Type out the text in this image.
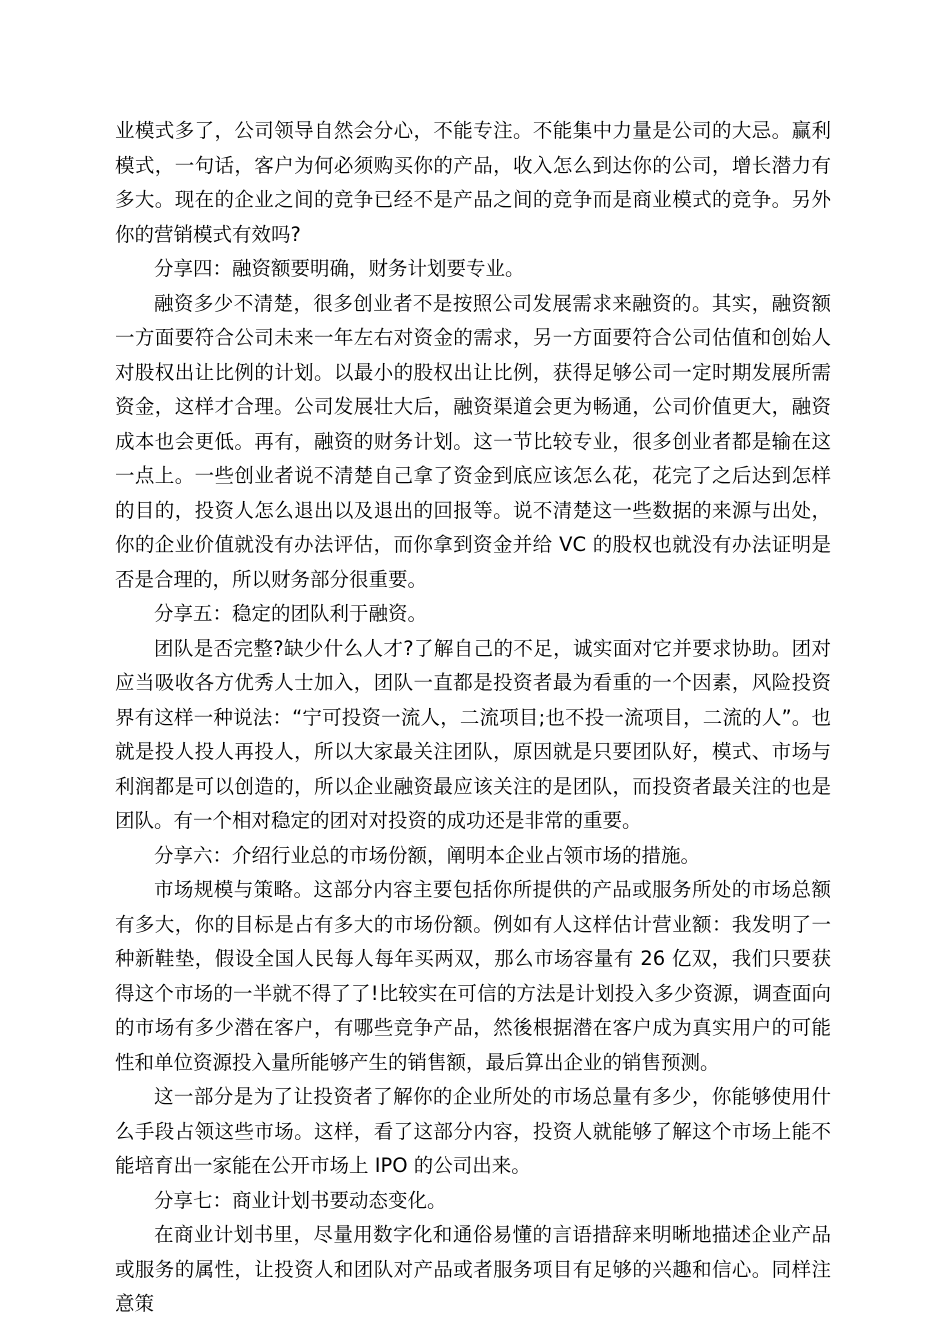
业模式多了，公司领导自然会分心，不能专注。不能集中力量是公司的大忌。赢利模式，一句话，客户为何必须购买你的产品，收入怎么到达你的公司，增长潜力有多大。现在的企业之间的竞争已经不是产品之间的竞争而是商业模式的竞争。另外你的营销模式有效吗?

分享四：融资额要明确，财务计划要专业。

融资多少不清楚，很多创业者不是按照公司发展需求来融资的。其实，融资额一方面要符合公司未来一年左右对资金的需求，另一方面要符合公司估值和创始人对股权出让比例的计划。以最小的股权出让比例，获得足够公司一定时期发展所需资金，这样才合理。公司发展壮大后，融资渠道会更为畅通，公司价值更大，融资成本也会更低。再有，融资的财务计划。这一节比较专业，很多创业者都是输在这一点上。一些创业者说不清楚自己拿了资金到底应该怎么花，花完了之后达到怎样的目的，投资人怎么退出以及退出的回报等。说不清楚这一些数据的来源与出处，你的企业价值就没有办法评估，而你拿到资金并给 VC 的股权也就没有办法证明是否是合理的，所以财务部分很重要。

分享五：稳定的团队利于融资。

团队是否完整?缺少什么人才?了解自己的不足，诚实面对它并要求协助。团对应当吸收各方优秀人士加入，团队一直都是投资者最为看重的一个因素，风险投资界有这样一种说法：“宁可投资一流人，二流项目;也不投一流项目，二流的人”。也就是投人投人再投人，所以大家最关注团队，原因就是只要团队好，模式、市场与利润都是可以创造的，所以企业融资最应该关注的是团队，而投资者最关注的也是团队。有一个相对稳定的团对对投资的成功还是非常的重要。

分享六：介绍行业总的市场份额，阐明本企业占领市场的措施。

市场规模与策略。这部分内容主要包括你所提供的产品或服务所处的市场总额有多大，你的目标是占有多大的市场份额。例如有人这样估计营业额：我发明了一种新鞋垫，假设全国人民每人每年买两双，那么市场容量有 26 亿双，我们只要获得这个市场的一半就不得了了!比较实在可信的方法是计划投入多少资源，调查面向的市场有多少潜在客户，有哪些竞争产品，然後根据潜在客户成为真实用户的可能性和单位资源投入量所能够产生的销售额，最后算出企业的销售预测。

这一部分是为了让投资者了解你的企业所处的市场总量有多少，你能够使用什么手段占领这些市场。这样，看了这部分内容，投资人就能够了解这个市场上能不能培育出一家能在公开市场上 IPO 的公司出来。

分享七：商业计划书要动态变化。

在商业计划书里，尽量用数字化和通俗易懂的言语措辞来明晰地描述企业产品或服务的属性，让投资人和团队对产品或者服务项目有足够的兴趣和信心。同样注意策
